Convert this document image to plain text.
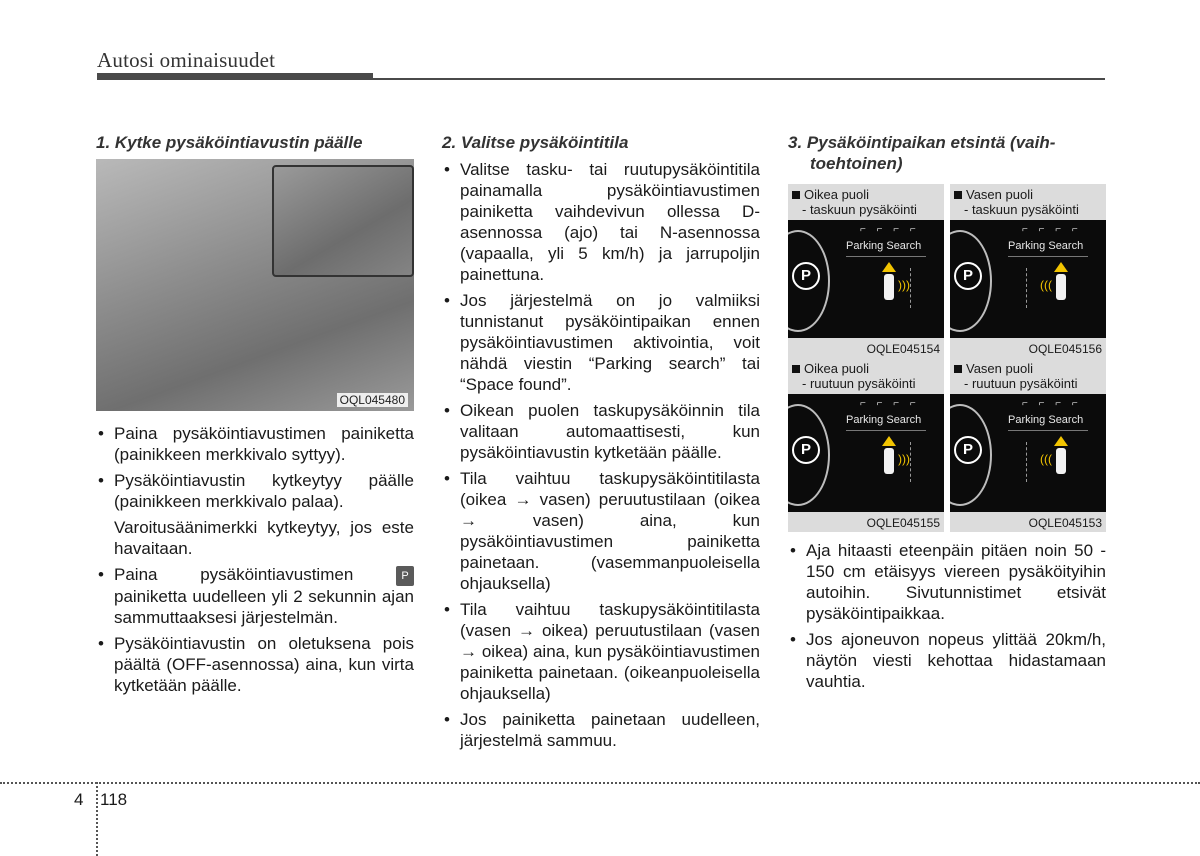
Autosi ominaisuudet
1. Kytke pysäköintiavustin päälle
OQL045480
• Paina pysäköintiavustimen painiketta (painikkeen merkkivalo syttyy).
• Pysäköintiavustin kytkeytyy päälle (painikkeen merkkivalo palaa).

Varoitusäänimerkki kytkeytyy, jos este havaitaan.

• Paina pysäköintiavustimen	P painiketta uudelleen yli 2 sekunnin ajan sammuttaaksesi järjestelmän.
• Pysäköintiavustin on oletuksena pois päältä (OFF-asennossa) aina, kun virta kytketään päälle.
2. Valitse pysäköintitila
• Valitse tasku- tai ruutupysäköintitila painamalla pysäköintiavustimen painiketta vaihdevivun ollessa D-asennossa (ajo) tai N-asennossa (vapaalla, yli 5 km/h) ja jarrupoljin painettuna.
• Jos järjestelmä on jo valmiiksi tunnistanut pysäköintipaikan ennen pysäköintiavustimen aktivointia, voit nähdä viestin “Parking search” tai “Space found”.
• Oikean puolen taskupysäköinnin tila valitaan automaattisesti, kun pysäköintiavustin kytketään päälle.
• Tila vaihtuu taskupysäköintitilasta (oikea → vasen) peruutustilaan (oikea → vasen) aina, kun pysäköintiavustimen painiketta painetaan. (vasemmanpuoleisella ohjauksella)
• Tila vaihtuu taskupysäköintitilasta (vasen → oikea) peruutustilaan (vasen → oikea) aina, kun pysäköintiavustimen painiketta painetaan. (oikeanpuoleisella ohjauksella)
• Jos painiketta painetaan uudelleen, järjestelmä sammuu.
3. Pysäköintipaikan etsintä (vaih-
toehtoinen)
Oikea puoli
- taskuun pysäköinti
P
⌐ ⌐ ⌐ ⌐
Parking Search
)))
OQLE045154
Vasen puoli
- taskuun pysäköinti
P
⌐ ⌐ ⌐ ⌐
Parking Search
(((
OQLE045156
Oikea puoli
- ruutuun pysäköinti
P
⌐ ⌐ ⌐ ⌐
Parking Search
)))
OQLE045155
Vasen puoli
- ruutuun pysäköinti
P
⌐ ⌐ ⌐ ⌐
Parking Search
(((
OQLE045153
• Aja hitaasti eteenpäin pitäen noin 50 - 150 cm etäisyys viereen pysäköityihin autoihin. Sivutunnistimet etsivät pysäköintipaikkaa.
• Jos ajoneuvon nopeus ylittää 20km/h, näytön viesti kehottaa hidastamaan vauhtia.
4 118
